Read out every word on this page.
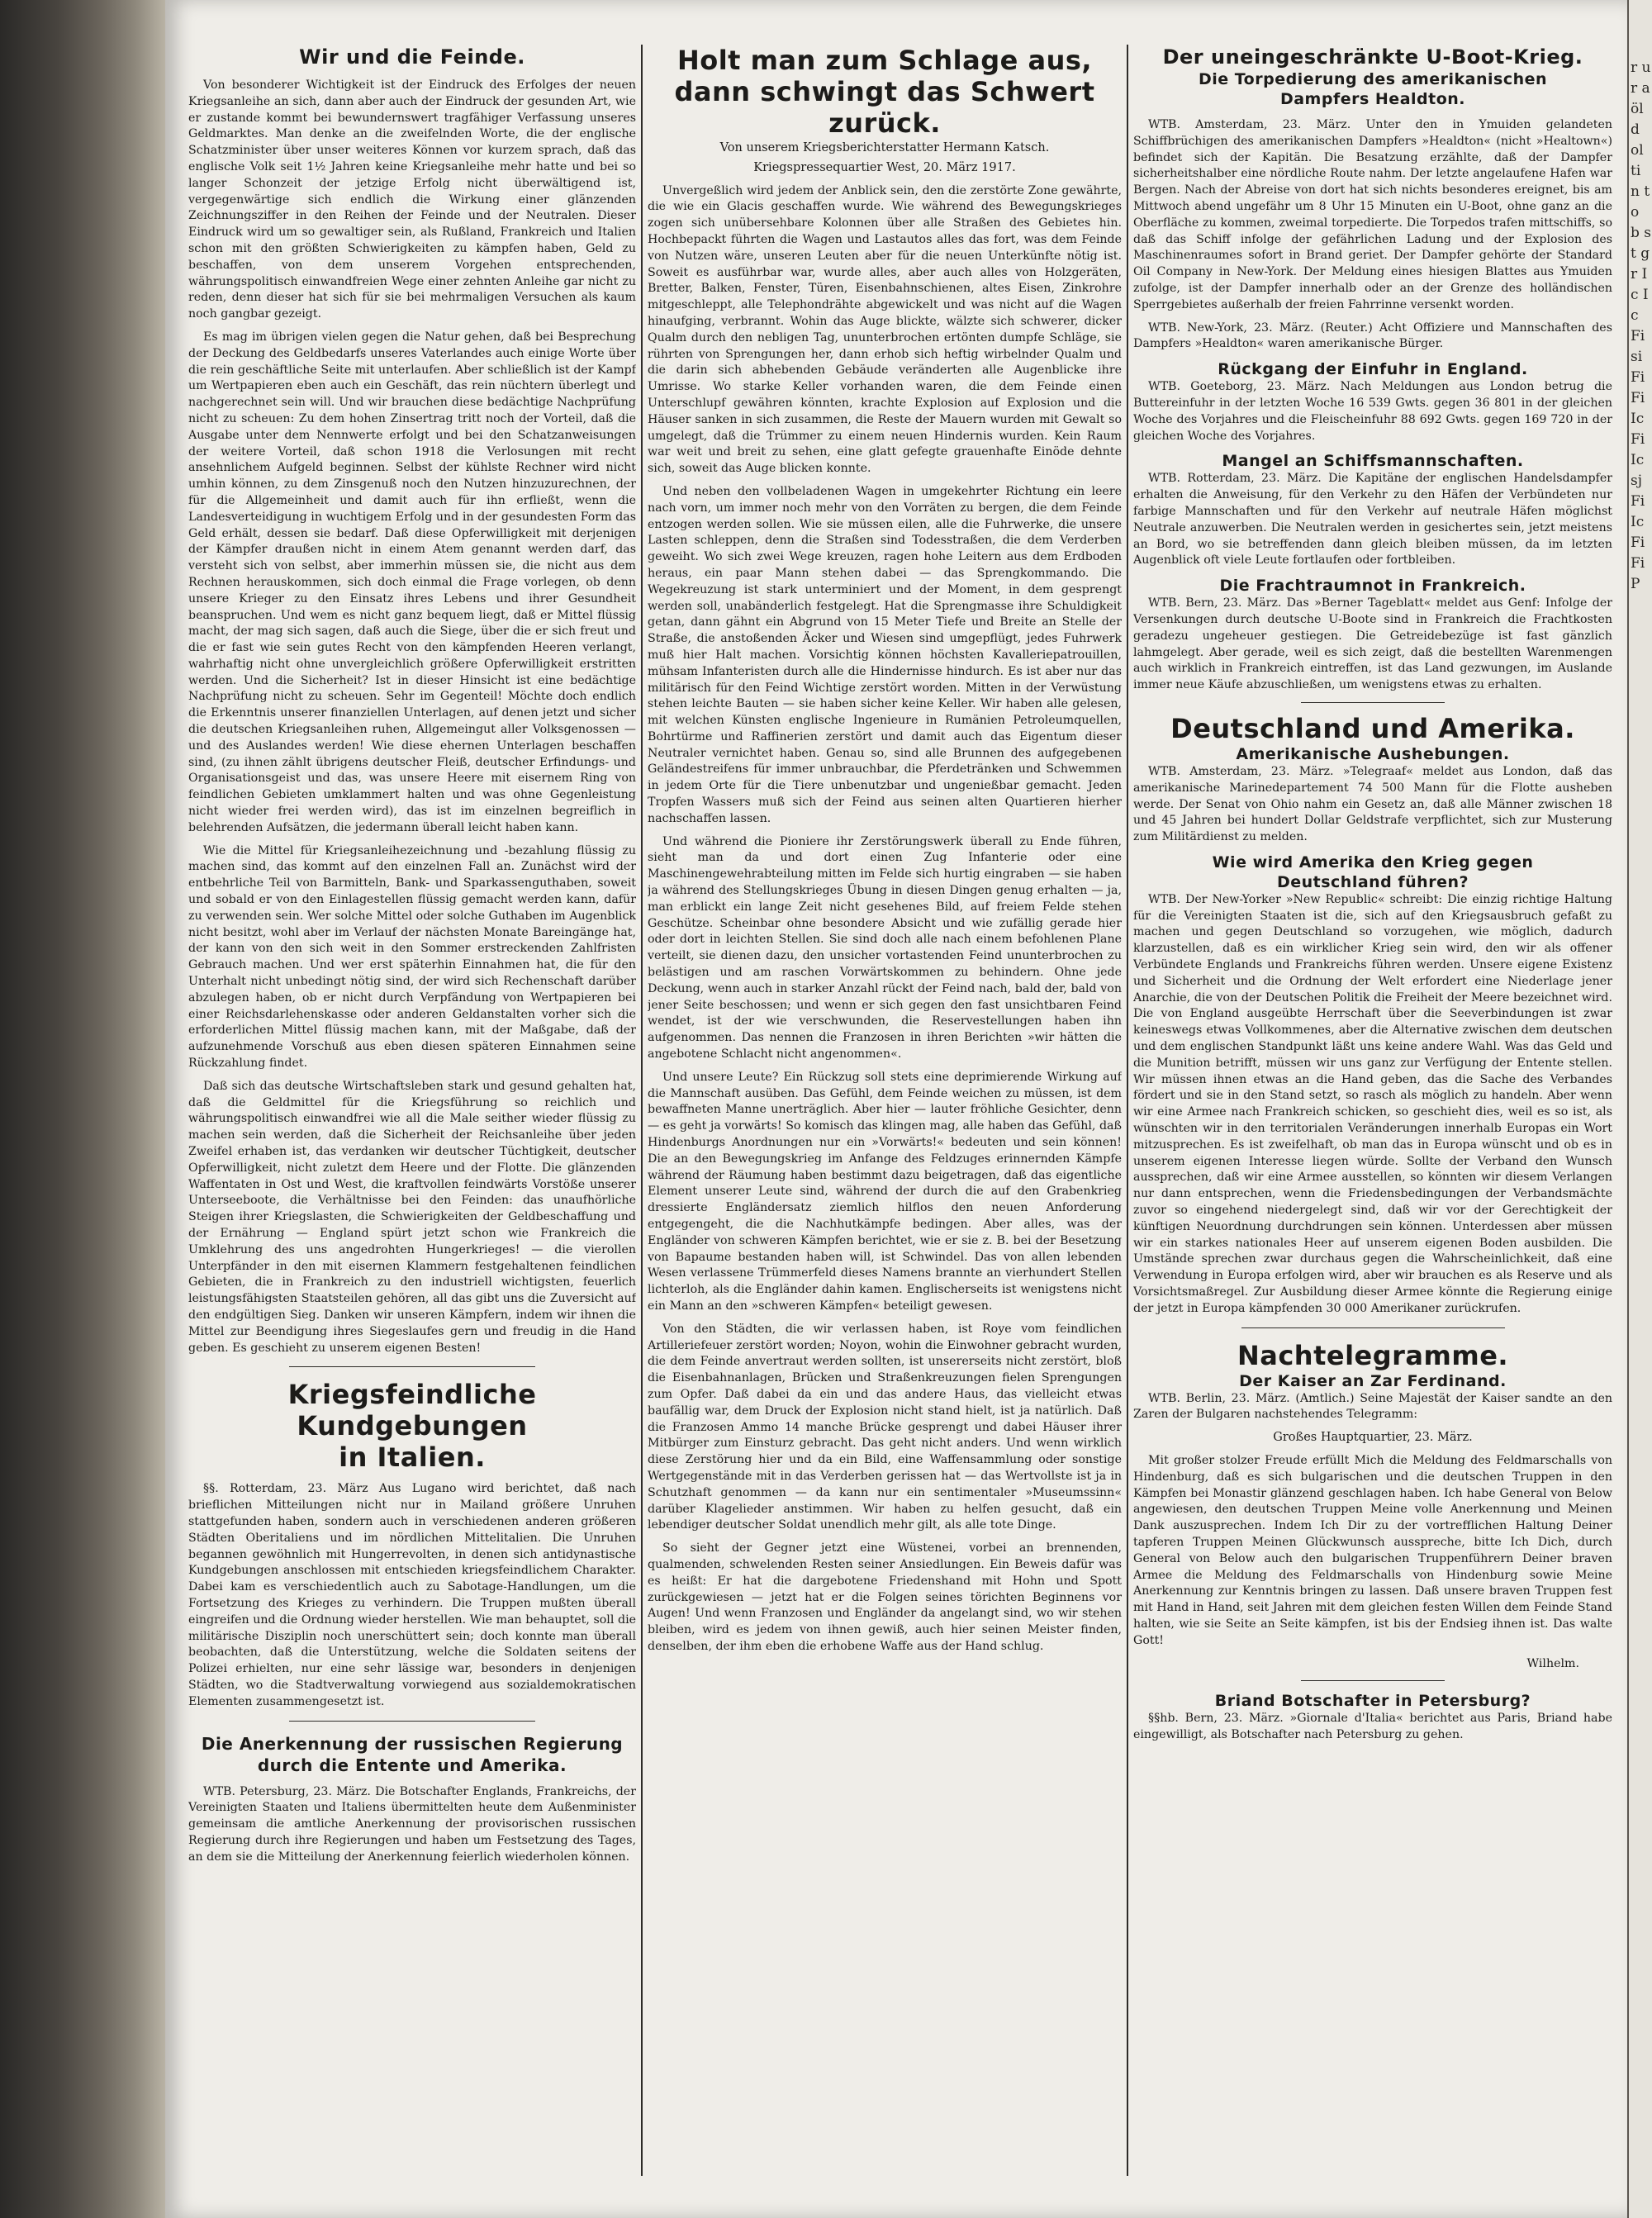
r ur a öl d ol ti n to b st gr Ic Ic Fi si Fi Fi Ic Fi Ic sj Fi Ic Fi Fi P
Wir und die Feinde.

Von besonderer Wichtigkeit ist der Eindruck des Erfolges der neuen Kriegsanleihe an sich, dann aber auch der Eindruck der gesunden Art, wie er zustande kommt bei bewundernswert tragfähiger Verfassung unseres Geldmarktes. Man denke an die zweifelnden Worte, die der englische Schatzminister über unser weiteres Können vor kurzem sprach, daß das englische Volk seit 1½ Jahren keine Kriegsanleihe mehr hatte und bei so langer Schonzeit der jetzige Erfolg nicht überwältigend ist, vergegenwärtige sich endlich die Wirkung einer glänzenden Zeichnungsziffer in den Reihen der Feinde und der Neutralen. Dieser Eindruck wird um so gewaltiger sein, als Rußland, Frankreich und Italien schon mit den größten Schwierigkeiten zu kämpfen haben, Geld zu beschaffen, von dem unserem Vorgehen entsprechenden, währungspolitisch einwandfreien Wege einer zehnten Anleihe gar nicht zu reden, denn dieser hat sich für sie bei mehrmaligen Versuchen als kaum noch gangbar gezeigt.

Es mag im übrigen vielen gegen die Natur gehen, daß bei Besprechung der Deckung des Geldbedarfs unseres Vaterlandes auch einige Worte über die rein geschäftliche Seite mit unterlaufen. Aber schließlich ist der Kampf um Wertpapieren eben auch ein Geschäft, das rein nüchtern überlegt und nachgerechnet sein will. Und wir brauchen diese bedächtige Nachprüfung nicht zu scheuen: Zu dem hohen Zinsertrag tritt noch der Vorteil, daß die Ausgabe unter dem Nennwerte erfolgt und bei den Schatzanweisungen der weitere Vorteil, daß schon 1918 die Verlosungen mit recht ansehnlichem Aufgeld beginnen. Selbst der kühlste Rechner wird nicht umhin können, zu dem Zinsgenuß noch den Nutzen hinzuzurechnen, der für die Allgemeinheit und damit auch für ihn erfließt, wenn die Landesverteidigung in wuchtigem Erfolg und in der gesundesten Form das Geld erhält, dessen sie bedarf. Daß diese Opferwilligkeit mit derjenigen der Kämpfer draußen nicht in einem Atem genannt werden darf, das versteht sich von selbst, aber immerhin müssen sie, die nicht aus dem Rechnen herauskommen, sich doch einmal die Frage vorlegen, ob denn unsere Krieger zu den Einsatz ihres Lebens und ihrer Gesundheit beanspruchen. Und wem es nicht ganz bequem liegt, daß er Mittel flüssig macht, der mag sich sagen, daß auch die Siege, über die er sich freut und die er fast wie sein gutes Recht von den kämpfenden Heeren verlangt, wahrhaftig nicht ohne unvergleichlich größere Opferwilligkeit erstritten werden. Und die Sicherheit? Ist in dieser Hinsicht ist eine bedächtige Nachprüfung nicht zu scheuen. Sehr im Gegenteil! Möchte doch endlich die Erkenntnis unserer finanziellen Unterlagen, auf denen jetzt und sicher die deutschen Kriegsanleihen ruhen, Allgemeingut aller Volksgenossen — und des Auslandes werden! Wie diese ehernen Unterlagen beschaffen sind, (zu ihnen zählt übrigens deutscher Fleiß, deutscher Erfindungs- und Organisationsgeist und das, was unsere Heere mit eisernem Ring von feindlichen Gebieten umklammert halten und was ohne Gegenleistung nicht wieder frei werden wird), das ist im einzelnen begreiflich in belehrenden Aufsätzen, die jedermann überall leicht haben kann.

Wie die Mittel für Kriegsanleihezeichnung und -bezahlung flüssig zu machen sind, das kommt auf den einzelnen Fall an. Zunächst wird der entbehrliche Teil von Barmitteln, Bank- und Sparkassenguthaben, soweit und sobald er von den Einlagestellen flüssig gemacht werden kann, dafür zu verwenden sein. Wer solche Mittel oder solche Guthaben im Augenblick nicht besitzt, wohl aber im Verlauf der nächsten Monate Bareingänge hat, der kann von den sich weit in den Sommer erstreckenden Zahlfristen Gebrauch machen. Und wer erst späterhin Einnahmen hat, die für den Unterhalt nicht unbedingt nötig sind, der wird sich Rechenschaft darüber abzulegen haben, ob er nicht durch Verpfändung von Wertpapieren bei einer Reichsdarlehenskasse oder anderen Geldanstalten vorher sich die erforderlichen Mittel flüssig machen kann, mit der Maßgabe, daß der aufzunehmende Vorschuß aus eben diesen späteren Einnahmen seine Rückzahlung findet.

Daß sich das deutsche Wirtschaftsleben stark und gesund gehalten hat, daß die Geldmittel für die Kriegsführung so reichlich und währungspolitisch einwandfrei wie all die Male seither wieder flüssig zu machen sein werden, daß die Sicherheit der Reichsanleihe über jeden Zweifel erhaben ist, das verdanken wir deutscher Tüchtigkeit, deutscher Opferwilligkeit, nicht zuletzt dem Heere und der Flotte. Die glänzenden Waffentaten in Ost und West, die kraftvollen feindwärts Vorstöße unserer Unterseeboote, die Verhältnisse bei den Feinden: das unaufhörliche Steigen ihrer Kriegslasten, die Schwierigkeiten der Geldbeschaffung und der Ernährung — England spürt jetzt schon wie Frankreich die Umklehrung des uns angedrohten Hungerkrieges! — die vierollen Unterpfänder in den mit eisernen Klammern festgehaltenen feindlichen Gebieten, die in Frankreich zu den industriell wichtigsten, feuerlich leistungsfähigsten Staatsteilen gehören, all das gibt uns die Zuversicht auf den endgültigen Sieg. Danken wir unseren Kämpfern, indem wir ihnen die Mittel zur Beendigung ihres Siegeslaufes gern und freudig in die Hand geben. Es geschieht zu unserem eigenen Besten!

Kriegsfeindliche Kundgebungen
in Italien.

§§. Rotterdam, 23. März Aus Lugano wird berichtet, daß nach brieflichen Mitteilungen nicht nur in Mailand größere Unruhen stattgefunden haben, sondern auch in verschiedenen anderen größeren Städten Oberitaliens und im nördlichen Mittelitalien. Die Unruhen begannen gewöhnlich mit Hungerrevolten, in denen sich antidynastische Kundgebungen anschlossen mit entschieden kriegsfeindlichem Charakter. Dabei kam es verschiedentlich auch zu Sabotage-Handlungen, um die Fortsetzung des Krieges zu verhindern. Die Truppen mußten überall eingreifen und die Ordnung wieder herstellen. Wie man behauptet, soll die militärische Disziplin noch unerschüttert sein; doch konnte man überall beobachten, daß die Unterstützung, welche die Soldaten seitens der Polizei erhielten, nur eine sehr lässige war, besonders in denjenigen Städten, wo die Stadtverwaltung vorwiegend aus sozialdemokratischen Elementen zusammengesetzt ist.

Die Anerkennung der russischen Regierung
durch die Entente und Amerika.

WTB. Petersburg, 23. März. Die Botschafter Englands, Frankreichs, der Vereinigten Staaten und Italiens übermittelten heute dem Außenminister gemeinsam die amtliche Anerkennung der provisorischen russischen Regierung durch ihre Regierungen und haben um Festsetzung des Tages, an dem sie die Mitteilung der Anerkennung feierlich wiederholen können.

Holt man zum Schlage aus,
dann schwingt das Schwert zurück.
Von unserem Kriegsberichterstatter Hermann Katsch.
Kriegspressequartier West, 20. März 1917.

Unvergeßlich wird jedem der Anblick sein, den die zerstörte Zone gewährte, die wie ein Glacis geschaffen wurde. Wie während des Bewegungskrieges zogen sich unübersehbare Kolonnen über alle Straßen des Gebietes hin. Hochbepackt führten die Wagen und Lastautos alles das fort, was dem Feinde von Nutzen wäre, unseren Leuten aber für die neuen Unterkünfte nötig ist. Soweit es ausführbar war, wurde alles, aber auch alles von Holzgeräten, Bretter, Balken, Fenster, Türen, Eisenbahnschienen, altes Eisen, Zinkrohre mitgeschleppt, alle Telephondrähte abgewickelt und was nicht auf die Wagen hinaufging, verbrannt. Wohin das Auge blickte, wälzte sich schwerer, dicker Qualm durch den nebligen Tag, ununterbrochen ertönten dumpfe Schläge, sie rührten von Sprengungen her, dann erhob sich heftig wirbelnder Qualm und die darin sich abhebenden Gebäude veränderten alle Augenblicke ihre Umrisse. Wo starke Keller vorhanden waren, die dem Feinde einen Unterschlupf gewähren könnten, krachte Explosion auf Explosion und die Häuser sanken in sich zusammen, die Reste der Mauern wurden mit Gewalt so umgelegt, daß die Trümmer zu einem neuen Hindernis wurden. Kein Raum war weit und breit zu sehen, eine glatt gefegte grauenhafte Einöde dehnte sich, soweit das Auge blicken konnte.

Und neben den vollbeladenen Wagen in umgekehrter Richtung ein leere nach vorn, um immer noch mehr von den Vorräten zu bergen, die dem Feinde entzogen werden sollen. Wie sie müssen eilen, alle die Fuhrwerke, die unsere Lasten schleppen, denn die Straßen sind Todesstraßen, die dem Verderben geweiht. Wo sich zwei Wege kreuzen, ragen hohe Leitern aus dem Erdboden heraus, ein paar Mann stehen dabei — das Sprengkommando. Die Wegekreuzung ist stark unterminiert und der Moment, in dem gesprengt werden soll, unabänderlich festgelegt. Hat die Sprengmasse ihre Schuldigkeit getan, dann gähnt ein Abgrund von 15 Meter Tiefe und Breite an Stelle der Straße, die anstoßenden Äcker und Wiesen sind umgepflügt, jedes Fuhrwerk muß hier Halt machen. Vorsichtig können höchsten Kavalleriepatrouillen, mühsam Infanteristen durch alle die Hindernisse hindurch. Es ist aber nur das militärisch für den Feind Wichtige zerstört worden. Mitten in der Verwüstung stehen leichte Bauten — sie haben sicher keine Keller. Wir haben alle gelesen, mit welchen Künsten englische Ingenieure in Rumänien Petroleumquellen, Bohrtürme und Raffinerien zerstört und damit auch das Eigentum dieser Neutraler vernichtet haben. Genau so, sind alle Brunnen des aufgegebenen Geländestreifens für immer unbrauchbar, die Pferdetränken und Schwemmen in jedem Orte für die Tiere unbenutzbar und ungenießbar gemacht. Jeden Tropfen Wassers muß sich der Feind aus seinen alten Quartieren hierher nachschaffen lassen.

Und während die Pioniere ihr Zerstörungswerk überall zu Ende führen, sieht man da und dort einen Zug Infanterie oder eine Maschinengewehrabteilung mitten im Felde sich hurtig eingraben — sie haben ja während des Stellungskrieges Übung in diesen Dingen genug erhalten — ja, man erblickt ein lange Zeit nicht gesehenes Bild, auf freiem Felde stehen Geschütze. Scheinbar ohne besondere Absicht und wie zufällig gerade hier oder dort in leichten Stellen. Sie sind doch alle nach einem befohlenen Plane verteilt, sie dienen dazu, den unsicher vortastenden Feind ununterbrochen zu belästigen und am raschen Vorwärtskommen zu behindern. Ohne jede Deckung, wenn auch in starker Anzahl rückt der Feind nach, bald der, bald von jener Seite beschossen; und wenn er sich gegen den fast unsichtbaren Feind wendet, ist der wie verschwunden, die Reservestellungen haben ihn aufgenommen. Das nennen die Franzosen in ihren Berichten »wir hätten die angebotene Schlacht nicht angenommen«.

Und unsere Leute? Ein Rückzug soll stets eine deprimierende Wirkung auf die Mannschaft ausüben. Das Gefühl, dem Feinde weichen zu müssen, ist dem bewaffneten Manne unerträglich. Aber hier — lauter fröhliche Gesichter, denn — es geht ja vorwärts! So komisch das klingen mag, alle haben das Gefühl, daß Hindenburgs Anordnungen nur ein »Vorwärts!« bedeuten und sein können! Die an den Bewegungskrieg im Anfange des Feldzuges erinnernden Kämpfe während der Räumung haben bestimmt dazu beigetragen, daß das eigentliche Element unserer Leute sind, während der durch die auf den Grabenkrieg dressierte Engländersatz ziemlich hilflos den neuen Anforderung entgegengeht, die die Nachhutkämpfe bedingen. Aber alles, was der Engländer von schweren Kämpfen berichtet, wie er sie z. B. bei der Besetzung von Bapaume bestanden haben will, ist Schwindel. Das von allen lebenden Wesen verlassene Trümmerfeld dieses Namens brannte an vierhundert Stellen lichterloh, als die Engländer dahin kamen. Englischerseits ist wenigstens nicht ein Mann an den »schweren Kämpfen« beteiligt gewesen.

Von den Städten, die wir verlassen haben, ist Roye vom feindlichen Artilleriefeuer zerstört worden; Noyon, wohin die Einwohner gebracht wurden, die dem Feinde anvertraut werden sollten, ist unsererseits nicht zerstört, bloß die Eisenbahnanlagen, Brücken und Straßenkreuzungen fielen Sprengungen zum Opfer. Daß dabei da ein und das andere Haus, das vielleicht etwas baufällig war, dem Druck der Explosion nicht stand hielt, ist ja natürlich. Daß die Franzosen Ammo 14 manche Brücke gesprengt und dabei Häuser ihrer Mitbürger zum Einsturz gebracht. Das geht nicht anders. Und wenn wirklich diese Zerstörung hier und da ein Bild, eine Waffensammlung oder sonstige Wertgegenstände mit in das Verderben gerissen hat — das Wertvollste ist ja in Schutzhaft genommen — da kann nur ein sentimentaler »Museumssinn« darüber Klagelieder anstimmen. Wir haben zu helfen gesucht, daß ein lebendiger deutscher Soldat unendlich mehr gilt, als alle tote Dinge.

So sieht der Gegner jetzt eine Wüstenei, vorbei an brennenden, qualmenden, schwelenden Resten seiner Ansiedlungen. Ein Beweis dafür was es heißt: Er hat die dargebotene Friedenshand mit Hohn und Spott zurückgewiesen — jetzt hat er die Folgen seines törichten Beginnens vor Augen! Und wenn Franzosen und Engländer da angelangt sind, wo wir stehen bleiben, wird es jedem von ihnen gewiß, auch hier seinen Meister finden, denselben, der ihm eben die erhobene Waffe aus der Hand schlug.

Der uneingeschränkte U-Boot-Krieg.
Die Torpedierung des amerikanischen
Dampfers Healdton.

WTB. Amsterdam, 23. März. Unter den in Ymuiden gelandeten Schiffbrüchigen des amerikanischen Dampfers »Healdton« (nicht »Healtown«) befindet sich der Kapitän. Die Besatzung erzählte, daß der Dampfer sicherheitshalber eine nördliche Route nahm. Der letzte angelaufene Hafen war Bergen. Nach der Abreise von dort hat sich nichts besonderes ereignet, bis am Mittwoch abend ungefähr um 8 Uhr 15 Minuten ein U-Boot, ohne ganz an die Oberfläche zu kommen, zweimal torpedierte. Die Torpedos trafen mittschiffs, so daß das Schiff infolge der gefährlichen Ladung und der Explosion des Maschinenraumes sofort in Brand geriet. Der Dampfer gehörte der Standard Oil Company in New-York. Der Meldung eines hiesigen Blattes aus Ymuiden zufolge, ist der Dampfer innerhalb oder an der Grenze des holländischen Sperrgebietes außerhalb der freien Fahrrinne versenkt worden.

WTB. New-York, 23. März. (Reuter.) Acht Offiziere und Mannschaften des Dampfers »Healdton« waren amerikanische Bürger.

Rückgang der Einfuhr in England.

WTB. Goeteborg, 23. März. Nach Meldungen aus London betrug die Buttereinfuhr in der letzten Woche 16 539 Gwts. gegen 36 801 in der gleichen Woche des Vorjahres und die Fleischeinfuhr 88 692 Gwts. gegen 169 720 in der gleichen Woche des Vorjahres.

Mangel an Schiffsmannschaften.

WTB. Rotterdam, 23. März. Die Kapitäne der englischen Handelsdampfer erhalten die Anweisung, für den Verkehr zu den Häfen der Verbündeten nur farbige Mannschaften und für den Verkehr auf neutrale Häfen möglichst Neutrale anzuwerben. Die Neutralen werden in gesichertes sein, jetzt meistens an Bord, wo sie betreffenden dann gleich bleiben müssen, da im letzten Augenblick oft viele Leute fortlaufen oder fortbleiben.

Die Frachtraumnot in Frankreich.

WTB. Bern, 23. März. Das »Berner Tageblatt« meldet aus Genf: Infolge der Versenkungen durch deutsche U-Boote sind in Frankreich die Frachtkosten geradezu ungeheuer gestiegen. Die Getreidebezüge ist fast gänzlich lahmgelegt. Aber gerade, weil es sich zeigt, daß die bestellten Warenmengen auch wirklich in Frankreich eintreffen, ist das Land gezwungen, im Auslande immer neue Käufe abzuschließen, um wenigstens etwas zu erhalten.

Deutschland und Amerika.
Amerikanische Aushebungen.

WTB. Amsterdam, 23. März. »Telegraaf« meldet aus London, daß das amerikanische Marinedepartement 74 500 Mann für die Flotte ausheben werde. Der Senat von Ohio nahm ein Gesetz an, daß alle Männer zwischen 18 und 45 Jahren bei hundert Dollar Geldstrafe verpflichtet, sich zur Musterung zum Militärdienst zu melden.

Wie wird Amerika den Krieg gegen
Deutschland führen?

WTB. Der New-Yorker »New Republic« schreibt: Die einzig richtige Haltung für die Vereinigten Staaten ist die, sich auf den Kriegsausbruch gefaßt zu machen und gegen Deutschland so vorzugehen, wie möglich, dadurch klarzustellen, daß es ein wirklicher Krieg sein wird, den wir als offener Verbündete Englands und Frankreichs führen werden. Unsere eigene Existenz und Sicherheit und die Ordnung der Welt erfordert eine Niederlage jener Anarchie, die von der Deutschen Politik die Freiheit der Meere bezeichnet wird. Die von England ausgeübte Herrschaft über die Seeverbindungen ist zwar keineswegs etwas Vollkommenes, aber die Alternative zwischen dem deutschen und dem englischen Standpunkt läßt uns keine andere Wahl. Was das Geld und die Munition betrifft, müssen wir uns ganz zur Verfügung der Entente stellen. Wir müssen ihnen etwas an die Hand geben, das die Sache des Verbandes fördert und sie in den Stand setzt, so rasch als möglich zu handeln. Aber wenn wir eine Armee nach Frankreich schicken, so geschieht dies, weil es so ist, als wünschten wir in den territorialen Veränderungen innerhalb Europas ein Wort mitzusprechen. Es ist zweifelhaft, ob man das in Europa wünscht und ob es in unserem eigenen Interesse liegen würde. Sollte der Verband den Wunsch aussprechen, daß wir eine Armee ausstellen, so könnten wir diesem Verlangen nur dann entsprechen, wenn die Friedensbedingungen der Verbandsmächte zuvor so eingehend niedergelegt sind, daß wir vor der Gerechtigkeit der künftigen Neuordnung durchdrungen sein können. Unterdessen aber müssen wir ein starkes nationales Heer auf unserem eigenen Boden ausbilden. Die Umstände sprechen zwar durchaus gegen die Wahrscheinlichkeit, daß eine Verwendung in Europa erfolgen wird, aber wir brauchen es als Reserve und als Vorsichtsmaßregel. Zur Ausbildung dieser Armee könnte die Regierung einige der jetzt in Europa kämpfenden 30 000 Amerikaner zurückrufen.

Nachtelegramme.
Der Kaiser an Zar Ferdinand.

WTB. Berlin, 23. März. (Amtlich.) Seine Majestät der Kaiser sandte an den Zaren der Bulgaren nachstehendes Telegramm:

Großes Hauptquartier, 23. März.

Mit großer stolzer Freude erfüllt Mich die Meldung des Feldmarschalls von Hindenburg, daß es sich bulgarischen und die deutschen Truppen in den Kämpfen bei Monastir glänzend geschlagen haben. Ich habe General von Below angewiesen, den deutschen Truppen Meine volle Anerkennung und Meinen Dank auszusprechen. Indem Ich Dir zu der vortrefflichen Haltung Deiner tapferen Truppen Meinen Glückwunsch ausspreche, bitte Ich Dich, durch General von Below auch den bulgarischen Truppenführern Deiner braven Armee die Meldung des Feldmarschalls von Hindenburg sowie Meine Anerkennung zur Kenntnis bringen zu lassen. Daß unsere braven Truppen fest mit Hand in Hand, seit Jahren mit dem gleichen festen Willen dem Feinde Stand halten, wie sie Seite an Seite kämpfen, ist bis der Endsieg ihnen ist. Das walte Gott!

Wilhelm.
Briand Botschafter in Petersburg?

§§hb. Bern, 23. März. »Giornale d'Italia« berichtet aus Paris, Briand habe eingewilligt, als Botschafter nach Petersburg zu gehen.
